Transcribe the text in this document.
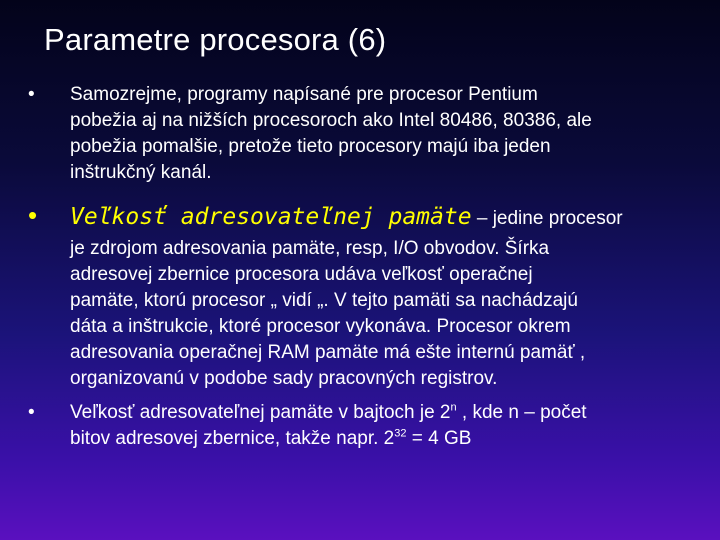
Parametre procesora (6)
•	Samozrejme, programy napísané pre procesor Pentium
pobežia aj na nižších procesoroch ako Intel 80486, 80386, ale
pobežia pomalšie, pretože tieto procesory majú iba jeden
inštrukčný kanál.
• Veľkosť adresovateľnej pamäte – jedine procesor
je zdrojom adresovania pamäte, resp, I/O obvodov. Šírka
adresovej zbernice procesora udáva veľkosť operačnej
pamäte, ktorú procesor „ vidí „. V tejto pamäti sa nachádzajú
dáta a inštrukcie, ktoré procesor vykonáva. Procesor okrem
adresovania operačnej RAM pamäte má ešte internú pamäť ,
organizovanú v podobe sady pracovných registrov.
•	Veľkosť adresovateľnej pamäte v bajtoch je 2$^n$ , kde n – počet
bitov adresovej zbernice, takže napr. $2^{32} = 4$ GB
